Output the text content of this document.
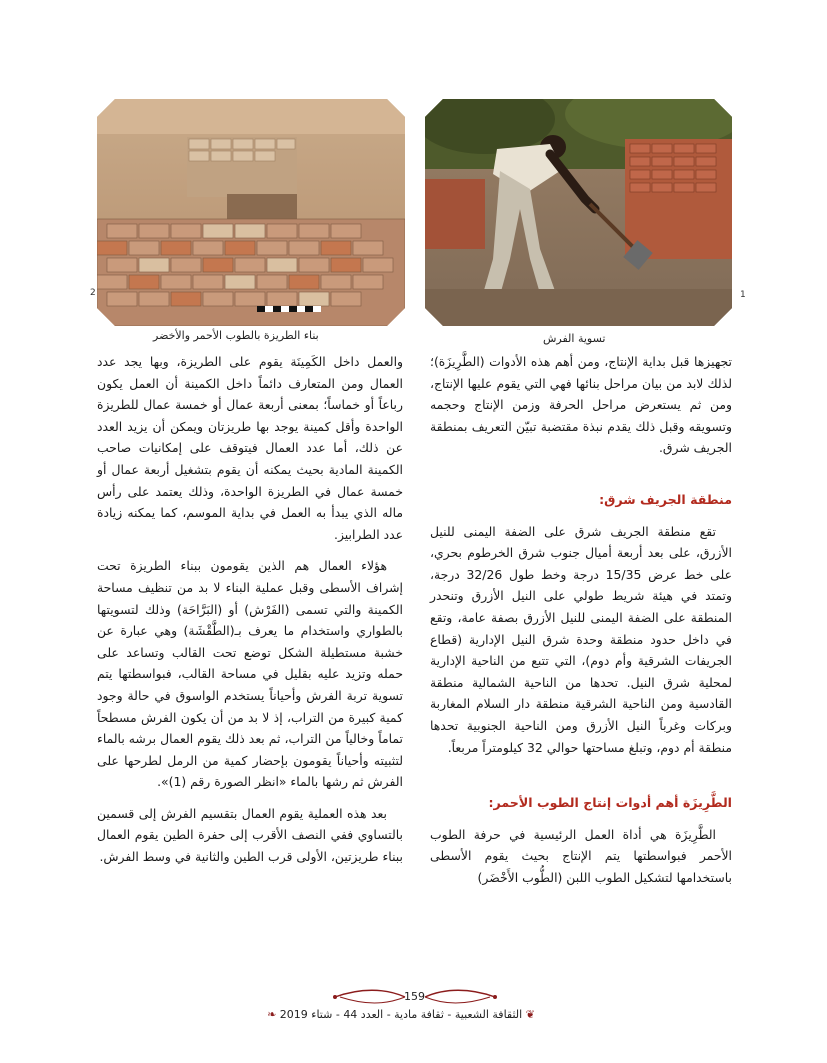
2	1
بناء الطريزة بالطوب الأحمر والأخضر	تسوية الفرش

تجهيزها قبل بداية الإنتاج، ومن أهم هذه الأدوات (الطَّرِيزَة)؛ لذلك لابد من بيان مراحل بنائها فهي التي يقوم عليها الإنتاج، ومن ثم يستعرض مراحل الحرفة وزمن الإنتاج وحجمه وتسويقه وقبل ذلك يقدم نبذة مقتضبة تبيّن التعريف بمنطقة الجريف شرق.

منطقة الجريف شرق:

تقع منطقة الجريف شرق على الضفة اليمنى للنيل الأزرق، على بعد أربعة أميال جنوب شرق الخرطوم بحري، على خط عرض 15/35 درجة وخط طول 32/26 درجة، وتمتد في هيئة شريط طولي على النيل الأزرق وتنحدر المنطقة على الضفة اليمنى للنيل الأزرق بصفة عامة، وتقع في داخل حدود منطقة وحدة شرق النيل الإدارية (قطاع الجريفات الشرقية وأم دوم)، التي تتبع من الناحية الإدارية لمحلية شرق النيل. تحدها من الناحية الشمالية منطقة القادسية ومن الناحية الشرقية منطقة دار السلام المغاربة وبركات وغرباً النيل الأزرق ومن الناحية الجنوبية تحدها منطقة أم دوم، وتبلغ مساحتها حوالي 32 كيلومتراً مربعاً.

الطَّرِيزَة أهم أدوات إنتاج الطوب الأحمر:

الطَّرِيزَة هي أداة العمل الرئيسية في حرفة الطوب الأحمر فبواسطتها يتم الإنتاج بحيث يقوم الأسطى باستخدامها لتشكيل الطوب اللبن (الطُّوب الأَخْضَر)

والعمل داخل الكَمِينَة يقوم على الطريزة، وبها يجد عدد العمال ومن المتعارف دائماً داخل الكمينة أن العمل يكون رباعاً أو خماساً؛ بمعنى أربعة عمال أو خمسة عمال للطريزة الواحدة وأقل كمينة يوجد بها طريزتان ويمكن أن يزيد العدد عن ذلك، أما عدد العمال فيتوقف على إمكانيات صاحب الكمينة المادية بحيث يمكنه أن يقوم بتشغيل أربعة عمال أو خمسة عمال في الطريزة الواحدة، وذلك يعتمد على رأس ماله الذي يبدأ به العمل في بداية الموسم، كما يمكنه زيادة عدد الطرابيز.

هؤلاء العمال هم الذين يقومون ببناء الطريزة تحت إشراف الأسطى وقبل عملية البناء لا بد من تنظيف مساحة الكمينة والتي تسمى (الفَرْش) أو (البَرَّاحَة) وذلك لتسويتها بالطواري واستخدام ما يعرف بـ(الطَّقْشَة) وهي عبارة عن خشبة مستطيلة الشكل توضع تحت القالب وتساعد على حمله وتزيد عليه بقليل في مساحة القالب، فبواسطتها يتم تسوية تربة الفرش وأحياناً يستخدم الواسوق في حالة وجود كمية كبيرة من التراب، إذ لا بد من أن يكون الفرش مسطحاً تماماً وخالياً من التراب، ثم بعد ذلك يقوم العمال برشه بالماء لتثبيته وأحياناً يقومون بإحضار كمية من الرمل لطرحها على الفرش ثم رشها بالماء «انظر الصورة رقم (1)».

بعد هذه العملية يقوم العمال بتقسيم الفرش إلى قسمين بالتساوي ففي النصف الأقرب إلى حفرة الطين يقوم العمال ببناء طريزتين، الأولى قرب الطين والثانية في وسط الفرش.

159
❦ الثقافة الشعبية - ثقافة مادية - العدد 44 - شتاء 2019 ❧
